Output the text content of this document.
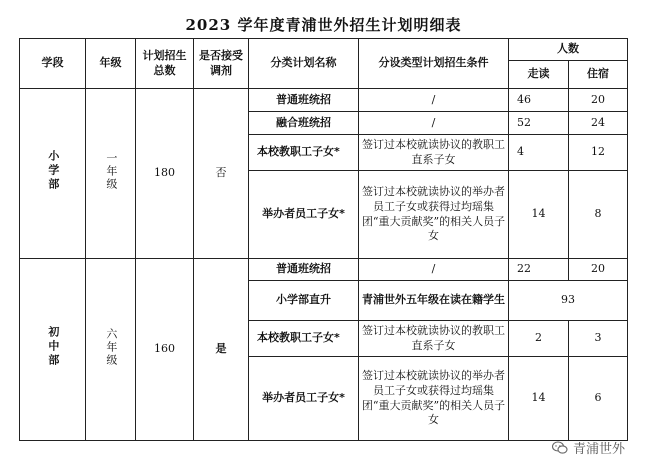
2023 学年度青浦世外招生计划明细表
学段	年级	计划招生总数	是否接受调剂	分类计划名称	分设类型计划招生条件	人数	
						走读	住宿
小学部	一年级	180	否	普通班统招	/	46	20
				融合班统招	/	52	24
				本校教职工子女*	签订过本校就读协议的教职工直系子女	4	12
				举办者员工子女*	签订过本校就读协议的举办者员工子女或获得过均瑶集团“重大贡献奖”的相关人员子女	14	8
初中部	六年级	160	是	普通班统招	/	22	20
				小学部直升	青浦世外五年级在读在籍学生	93	
				本校教职工子女*	签订过本校就读协议的教职工直系子女	2	3
				举办者员工子女*	签订过本校就读协议的举办者员工子女或获得过均瑶集团“重大贡献奖”的相关人员子女	14	6
青浦世外
